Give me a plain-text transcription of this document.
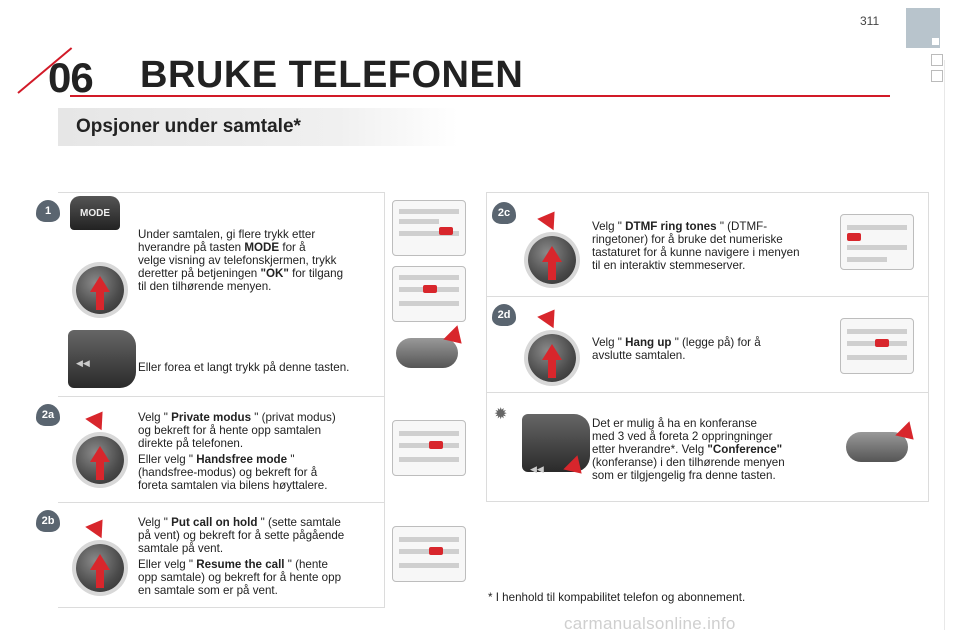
311
06 BRUKE TELEFONEN
Opsjoner under samtale*
1	MODE
Under samtalen, gi flere trykk etter
hverandre på tasten MODE for å
velge visning av telefonskjermen, trykk
deretter på betjeningen "OK" for tilgang
til den tilhørende menyen.
◀◀	Eller forea et langt trykk på denne tasten.
2a	Velg " Private modus " (privat modus)
og bekreft for å hente opp samtalen
direkte på telefonen.
Eller velg " Handsfree mode "
(handsfree-modus) og bekreft for å
foreta samtalen via bilens høyttalere.
2b	Velg " Put call on hold " (sette samtale
på vent) og bekreft for å sette pågående
samtale på vent.
Eller velg " Resume the call " (hente
opp samtale) og bekreft for å hente opp
en samtale som er på vent.
2c
Velg " DTMF ring tones " (DTMF-
ringetoner) for å bruke det numeriske
tastaturet for å kunne navigere i menyen
til en interaktiv stemmeserver.
2d
Velg " Hang up " (legge på) for å
avslutte samtalen.
✹
◀◀
Det er mulig å ha en konferanse
med 3 ved å foreta 2 oppringninger
etter hverandre*. Velg "Conference"
(konferanse) i den tilhørende menyen
som er tilgjengelig fra denne tasten.
* I henhold til kompabilitet telefon og abonnement.
carmanualsonline.info
